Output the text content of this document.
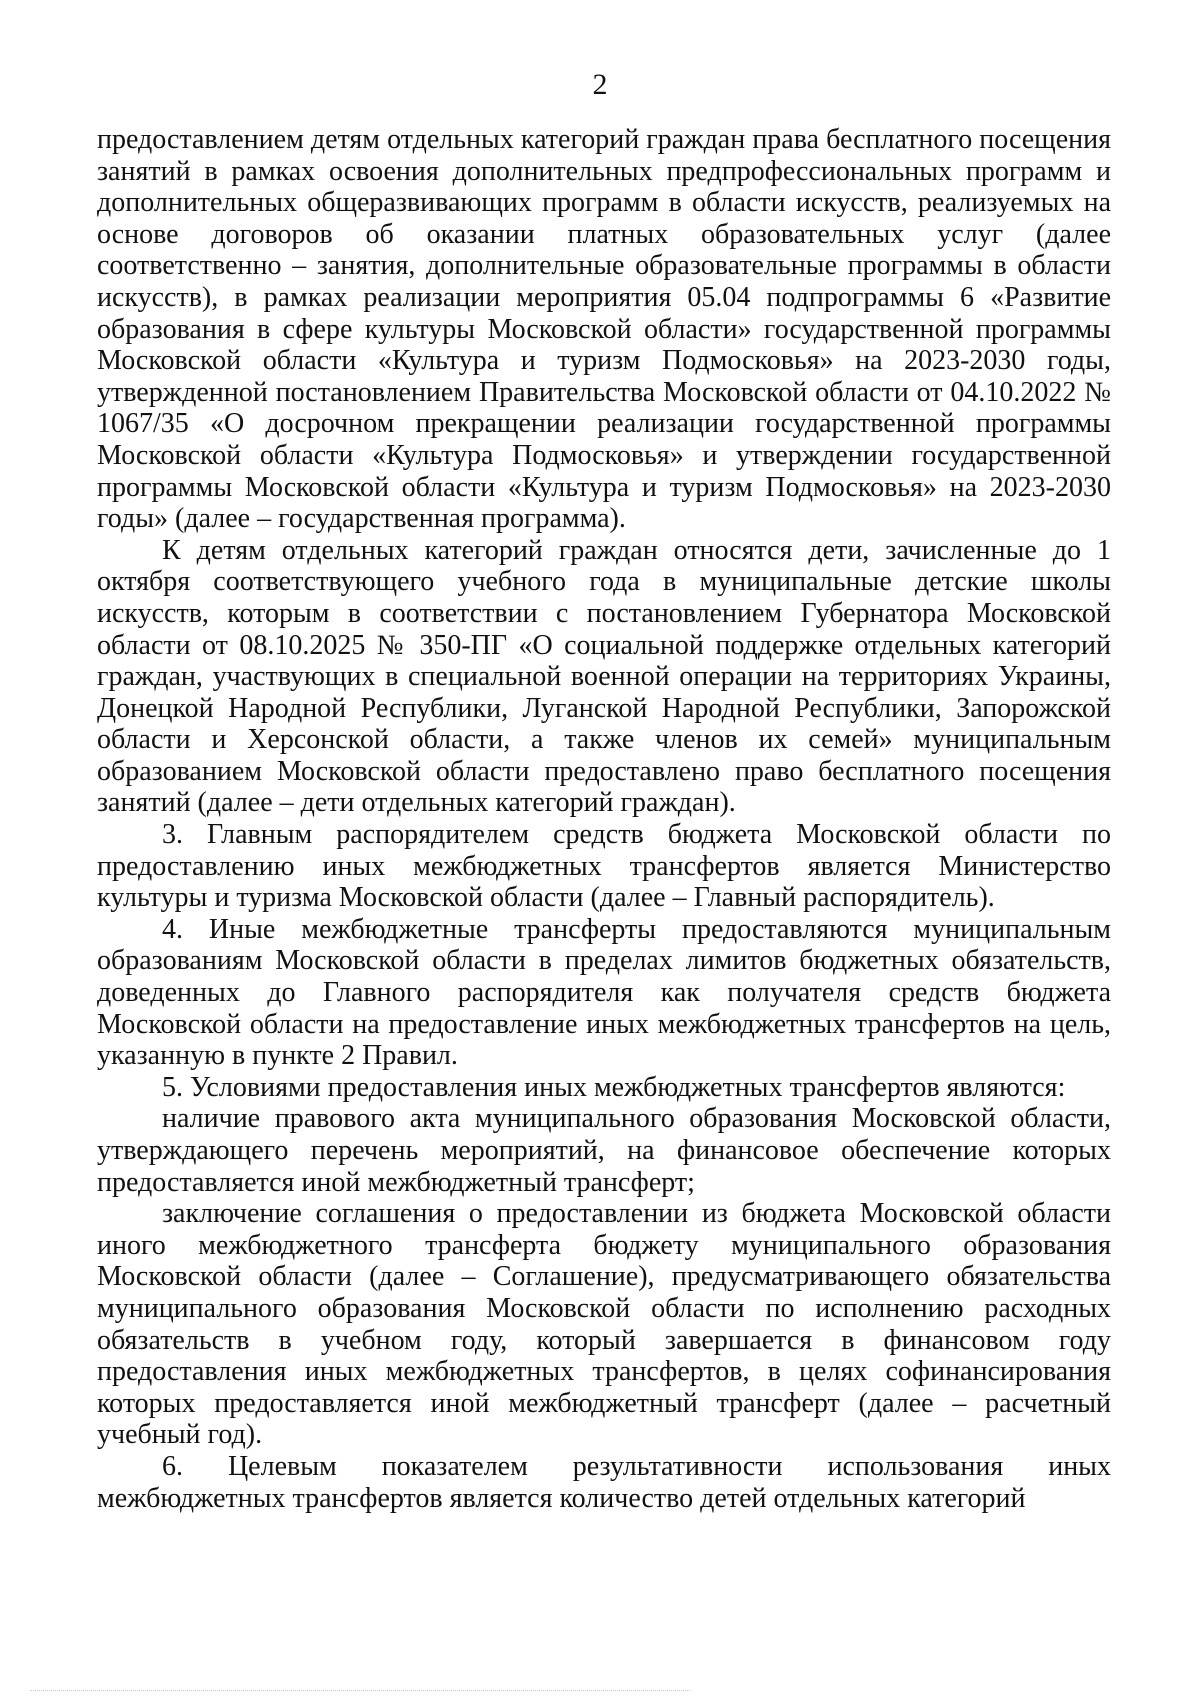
2

предоставлением детям отдельных категорий граждан права бесплатного посещения занятий в рамках освоения дополнительных предпрофессиональных программ и дополнительных общеразвивающих программ в области искусств, реализуемых на основе договоров об оказании платных образовательных услуг (далее соответственно – занятия, дополнительные образовательные программы в области искусств), в рамках реализации мероприятия 05.04 подпрограммы 6 «Развитие образования в сфере культуры Московской области» государственной программы Московской области «Культура и туризм Подмосковья» на 2023-2030 годы, утвержденной постановлением Правительства Московской области от 04.10.2022 № 1067/35 «О досрочном прекращении реализации государственной программы Московской области «Культура Подмосковья» и утверждении государственной программы Московской области «Культура и туризм Подмосковья» на 2023-2030 годы» (далее – государственная программа).

К детям отдельных категорий граждан относятся дети, зачисленные до 1 октября соответствующего учебного года в муниципальные детские школы искусств, которым в соответствии с постановлением Губернатора Московской области от 08.10.2025 № 350-ПГ «О социальной поддержке отдельных категорий граждан, участвующих в специальной военной операции на территориях Украины, Донецкой Народной Республики, Луганской Народной Республики, Запорожской области и Херсонской области, а также членов их семей» муниципальным образованием Московской области предоставлено право бесплатного посещения занятий (далее – дети отдельных категорий граждан).

3. Главным распорядителем средств бюджета Московской области по предоставлению иных межбюджетных трансфертов является Министерство культуры и туризма Московской области (далее – Главный распорядитель).

4. Иные межбюджетные трансферты предоставляются муниципальным образованиям Московской области в пределах лимитов бюджетных обязательств, доведенных до Главного распорядителя как получателя средств бюджета Московской области на предоставление иных межбюджетных трансфертов на цель, указанную в пункте 2 Правил.

5. Условиями предоставления иных межбюджетных трансфертов являются:

наличие правового акта муниципального образования Московской области, утверждающего перечень мероприятий, на финансовое обеспечение которых предоставляется иной межбюджетный трансферт;

заключение соглашения о предоставлении из бюджета Московской области иного межбюджетного трансферта бюджету муниципального образования Московской области (далее – Соглашение), предусматривающего обязательства муниципального образования Московской области по исполнению расходных обязательств в учебном году, который завершается в финансовом году предоставления иных межбюджетных трансфертов, в целях софинансирования которых предоставляется иной межбюджетный трансферт (далее – расчетный учебный год).

6. Целевым показателем результативности использования иных межбюджетных трансфертов является количество детей отдельных категорий
